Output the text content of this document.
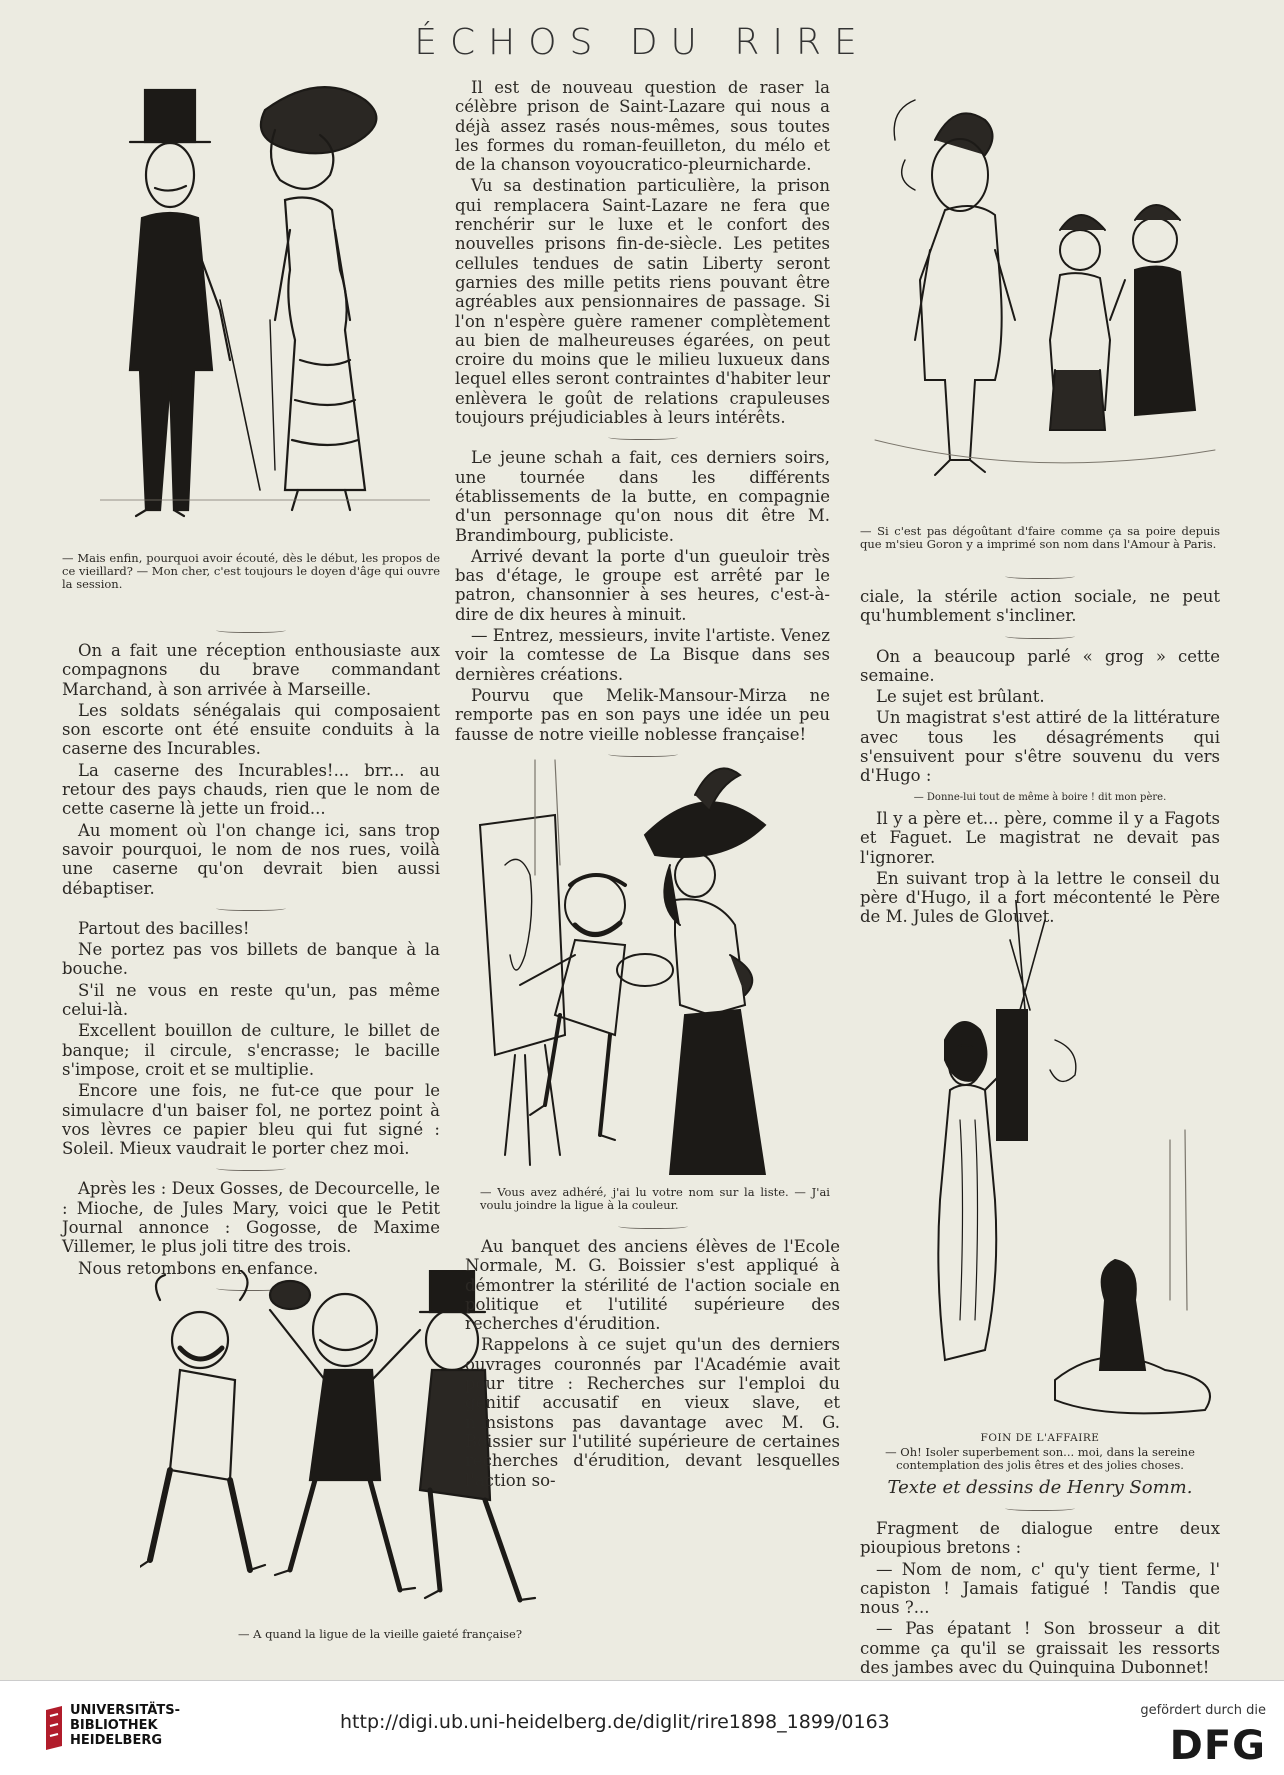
ÉCHOS DU RIRE
— Mais enfin, pourquoi avoir écouté, dès le début, les propos de ce vieillard? — Mon cher, c'est toujours le doyen d'âge qui ouvre la session.

On a fait une réception enthousiaste aux compagnons du brave commandant Marchand, à son arrivée à Marseille.

Les soldats sénégalais qui composaient son escorte ont été ensuite conduits à la caserne des Incurables.

La caserne des Incurables!... brr... au retour des pays chauds, rien que le nom de cette caserne là jette un froid...

Au moment où l'on change ici, sans trop savoir pourquoi, le nom de nos rues, voilà une caserne qu'on devrait bien aussi débaptiser.

Partout des bacilles!

Ne portez pas vos billets de banque à la bouche.

S'il ne vous en reste qu'un, pas même celui-là.

Excellent bouillon de culture, le billet de banque; il circule, s'encrasse; le bacille s'impose, croit et se multiplie.

Encore une fois, ne fut-ce que pour le simulacre d'un baiser fol, ne portez point à vos lèvres ce papier bleu qui fut signé : Soleil. Mieux vaudrait le porter chez moi.

Après les : Deux Gosses, de Decourcelle, le : Mioche, de Jules Mary, voici que le Petit Journal annonce : Gogosse, de Maxime Villemer, le plus joli titre des trois.

Nous retombons en enfance.

— A quand la ligue de la vieille gaieté française?

Il est de nouveau question de raser la célèbre prison de Saint-Lazare qui nous a déjà assez rasés nous-mêmes, sous toutes les formes du roman-feuilleton, du mélo et de la chanson voyoucratico-pleurnicharde.

Vu sa destination particulière, la prison qui remplacera Saint-Lazare ne fera que renchérir sur le luxe et le confort des nouvelles prisons fin-de-siècle. Les petites cellules tendues de satin Liberty seront garnies des mille petits riens pouvant être agréables aux pensionnaires de passage. Si l'on n'espère guère ramener complètement au bien de malheureuses égarées, on peut croire du moins que le milieu luxueux dans lequel elles seront contraintes d'habiter leur enlèvera le goût de relations crapuleuses toujours préjudiciables à leurs intérêts.

Le jeune schah a fait, ces derniers soirs, une tournée dans les différents établissements de la butte, en compagnie d'un personnage qu'on nous dit être M. Brandimbourg, publiciste.

Arrivé devant la porte d'un gueuloir très bas d'étage, le groupe est arrêté par le patron, chansonnier à ses heures, c'est-à-dire de dix heures à minuit.

— Entrez, messieurs, invite l'artiste. Venez voir la comtesse de La Bisque dans ses dernières créations.

Pourvu que Melik-Mansour-Mirza ne remporte pas en son pays une idée un peu fausse de notre vieille noblesse française!

— Vous avez adhéré, j'ai lu votre nom sur la liste. — J'ai voulu joindre la ligue à la couleur.

Au banquet des anciens élèves de l'Ecole Normale, M. G. Boissier s'est appliqué à démontrer la stérilité de l'action sociale en politique et l'utilité supérieure des recherches d'érudition.

Rappelons à ce sujet qu'un des derniers ouvrages couronnés par l'Académie avait pour titre : Recherches sur l'emploi du génitif accusatif en vieux slave, et n'insistons pas davantage avec M. G. Boissier sur l'utilité supérieure de certaines recherches d'érudition, devant lesquelles l'action so-

— Si c'est pas dégoûtant d'faire comme ça sa poire depuis que m'sieu Goron y a imprimé son nom dans l'Amour à Paris.

ciale, la stérile action sociale, ne peut qu'humblement s'incliner.

On a beaucoup parlé « grog » cette semaine.

Le sujet est brûlant.

Un magistrat s'est attiré de la littérature avec tous les désagréments qui s'ensuivent pour s'être souvenu du vers d'Hugo :

— Donne-lui tout de même à boire ! dit mon père.

Il y a père et... père, comme il y a Fagots et Faguet. Le magistrat ne devait pas l'ignorer.

En suivant trop à la lettre le conseil du père d'Hugo, il a fort mécontenté le Père de M. Jules de Glouvet.

FOIN DE L'AFFAIRE
— Oh! Isoler superbement son... moi, dans la sereine contemplation des jolis êtres et des jolies choses.
Texte et dessins de Henry Somm.

Fragment de dialogue entre deux pioupious bretons :

— Nom de nom, c' qu'y tient ferme, l' capiston ! Jamais fatigué ! Tandis que nous ?...

— Pas épatant ! Son brosseur a dit comme ça qu'il se graissait les ressorts des jambes avec du Quinquina Dubonnet!

UNIVERSITÄTS- BIBLIOTHEK HEIDELBERG
http://digi.ub.uni-heidelberg.de/diglit/rire1898_1899/0163
gefördert durch die
DFG
